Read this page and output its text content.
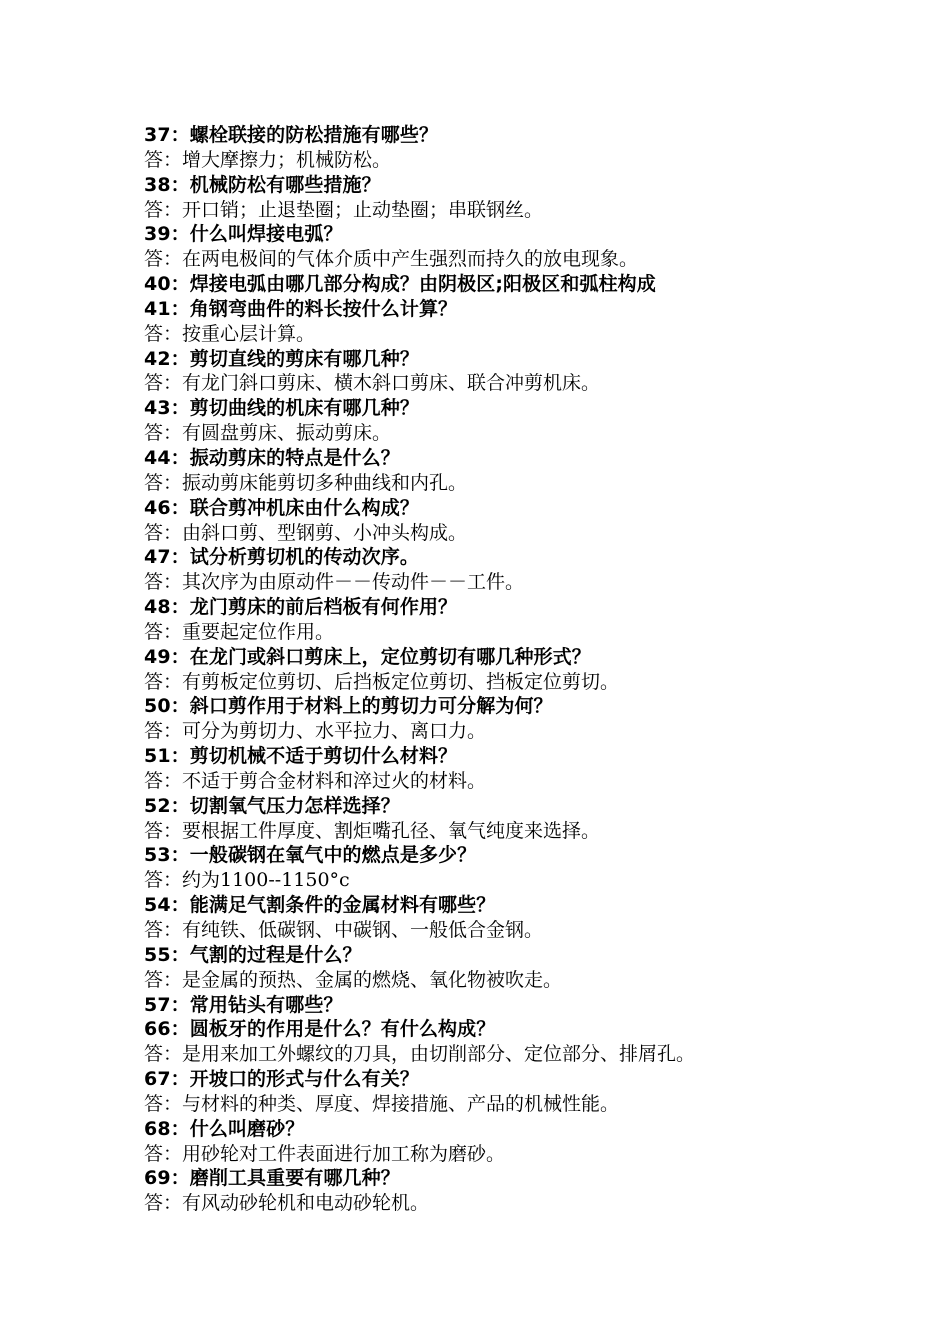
37：螺栓联接的防松措施有哪些？
答：增大摩擦力；机械防松。
38：机械防松有哪些措施？
答：开口销；止退垫圈；止动垫圈；串联钢丝。
39：什么叫焊接电弧？
答：在两电极间的气体介质中产生强烈而持久的放电现象。
40：焊接电弧由哪几部分构成？由阴极区;阳极区和弧柱构成
41：角钢弯曲件的料长按什么计算？
答：按重心层计算。
42：剪切直线的剪床有哪几种？
答：有龙门斜口剪床、横木斜口剪床、联合冲剪机床。
43：剪切曲线的机床有哪几种？
答：有圆盘剪床、振动剪床。
44：振动剪床的特点是什么？
答：振动剪床能剪切多种曲线和内孔。
46：联合剪冲机床由什么构成？
答：由斜口剪、型钢剪、小冲头构成。
47：试分析剪切机的传动次序。
答：其次序为由原动件－－传动件－－工件。
48：龙门剪床的前后档板有何作用？
答：重要起定位作用。
49：在龙门或斜口剪床上，定位剪切有哪几种形式？
答：有剪板定位剪切、后挡板定位剪切、挡板定位剪切。
50：斜口剪作用于材料上的剪切力可分解为何？
答：可分为剪切力、水平拉力、离口力。
51：剪切机械不适于剪切什么材料？
答：不适于剪合金材料和淬过火的材料。
52：切割氧气压力怎样选择？
答：要根据工件厚度、割炬嘴孔径、氧气纯度来选择。
53：一般碳钢在氧气中的燃点是多少？
答：约为1100--1150°c
54：能满足气割条件的金属材料有哪些？
答：有纯铁、低碳钢、中碳钢、一般低合金钢。
55：气割的过程是什么？
答：是金属的预热、金属的燃烧、氧化物被吹走。
57：常用钻头有哪些？
66：圆板牙的作用是什么？有什么构成？
答：是用来加工外螺纹的刀具，由切削部分、定位部分、排屑孔。
67：开坡口的形式与什么有关？
答：与材料的种类、厚度、焊接措施、产品的机械性能。
68：什么叫磨砂？
答：用砂轮对工件表面进行加工称为磨砂。
69：磨削工具重要有哪几种？
答：有风动砂轮机和电动砂轮机。
